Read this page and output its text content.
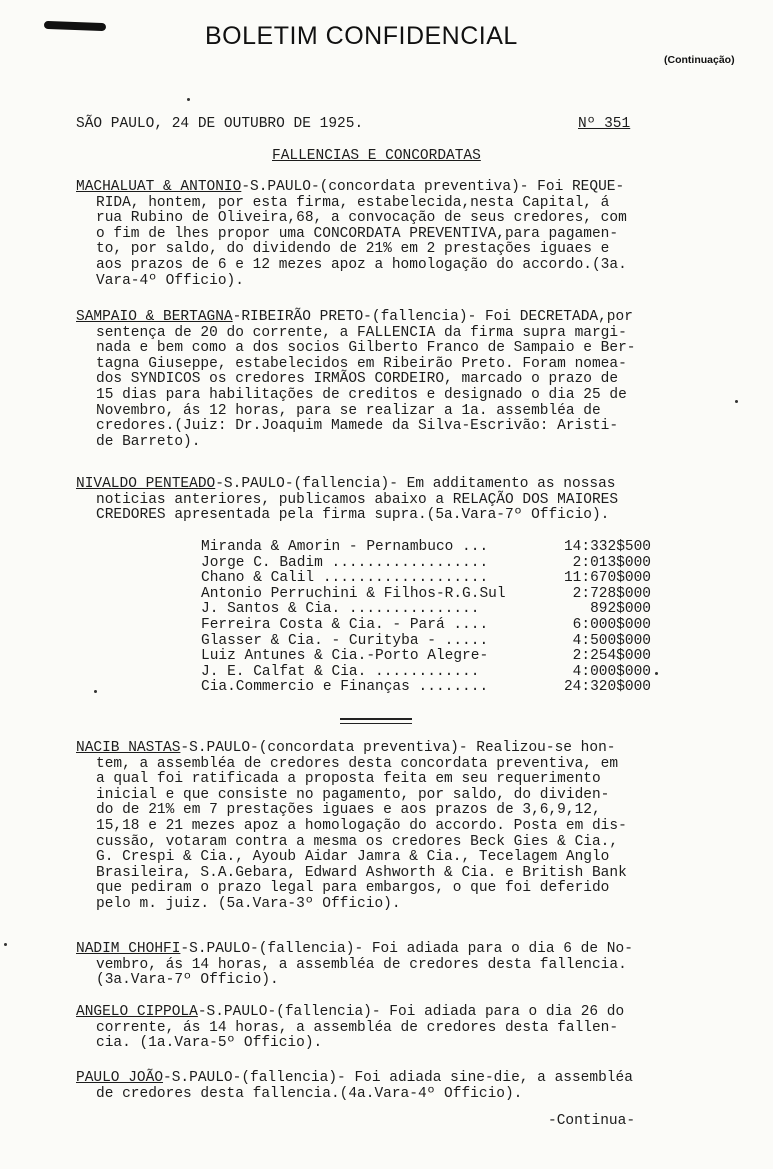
BOLETIM CONFIDENCIAL
(Continuação)
SÃO PAULO, 24 DE OUTUBRO DE 1925.	Nº 351
FALLENCIAS E CONCORDATAS
MACHALUAT & ANTONIO-S.PAULO-(concordata preventiva)- Foi REQUE-
RIDA, hontem, por esta firma, estabelecida,nesta Capital, á
rua Rubino de Oliveira,68, a convocação de seus credores, com
o fim de lhes propor uma CONCORDATA PREVENTIVA,para pagamen-
to, por saldo, do dividendo de 21% em 2 prestações iguaes e
aos prazos de 6 e 12 mezes apoz a homologação do accordo.(3a.
Vara-4º Officio).
SAMPAIO & BERTAGNA-RIBEIRÃO PRETO-(fallencia)- Foi DECRETADA,por
sentença de 20 do corrente, a FALLENCIA da firma supra margi-
nada e bem como a dos socios Gilberto Franco de Sampaio e Ber-
tagna Giuseppe, estabelecidos em Ribeirão Preto. Foram nomea-
dos SYNDICOS os credores IRMÃOS CORDEIRO, marcado o prazo de
15 dias para habilitações de creditos e designado o dia 25 de
Novembro, ás 12 horas, para se realizar a 1a. assembléa de
credores.(Juiz: Dr.Joaquim Mamede da Silva-Escrivão: Aristi-
de Barreto).
NIVALDO PENTEADO-S.PAULO-(fallencia)- Em additamento as nossas
noticias anteriores, publicamos abaixo a RELAÇÃO DOS MAIORES
CREDORES apresentada pela firma supra.(5a.Vara-7º Officio).
NACIB NASTAS-S.PAULO-(concordata preventiva)- Realizou-se hon-
tem, a assembléa de credores desta concordata preventiva, em
a qual foi ratificada a proposta feita em seu requerimento
inicial e que consiste no pagamento, por saldo, do dividen-
do de 21% em 7 prestações iguaes e aos prazos de 3,6,9,12,
15,18 e 21 mezes apoz a homologação do accordo. Posta em dis-
cussão, votaram contra a mesma os credores Beck Gies & Cia.,
G. Crespi & Cia., Ayoub Aidar Jamra & Cia., Tecelagem Anglo
Brasileira, S.A.Gebara, Edward Ashworth & Cia. e British Bank
que pediram o prazo legal para embargos, o que foi deferido
pelo m. juiz. (5a.Vara-3º Officio).
NADIM CHOHFI-S.PAULO-(fallencia)- Foi adiada para o dia 6 de No-
vembro, ás 14 horas, a assembléa de credores desta fallencia.
(3a.Vara-7º Officio).
ANGELO CIPPOLA-S.PAULO-(fallencia)- Foi adiada para o dia 26 do
corrente, ás 14 horas, a assembléa de credores desta fallen-
cia. (1a.Vara-5º Officio).
PAULO JOÃO-S.PAULO-(fallencia)- Foi adiada sine-die, a assembléa
de credores desta fallencia.(4a.Vara-4º Officio).
Miranda & Amorin - Pernambuco ...	14:332$500
Jorge C. Badim ..................	2:013$000
Chano & Calil ...................	11:670$000
Antonio Perruchini & Filhos-R.G.Sul	2:728$000
J. Santos & Cia. ...............	892$000
Ferreira Costa & Cia. - Pará ....	6:000$000
Glasser & Cia. - Curityba - .....	4:500$000
Luiz Antunes & Cia.-Porto Alegre-	2:254$000
J. E. Calfat & Cia. ............	4:000$000
Cia.Commercio e Finanças ........	24:320$000
-Continua-
